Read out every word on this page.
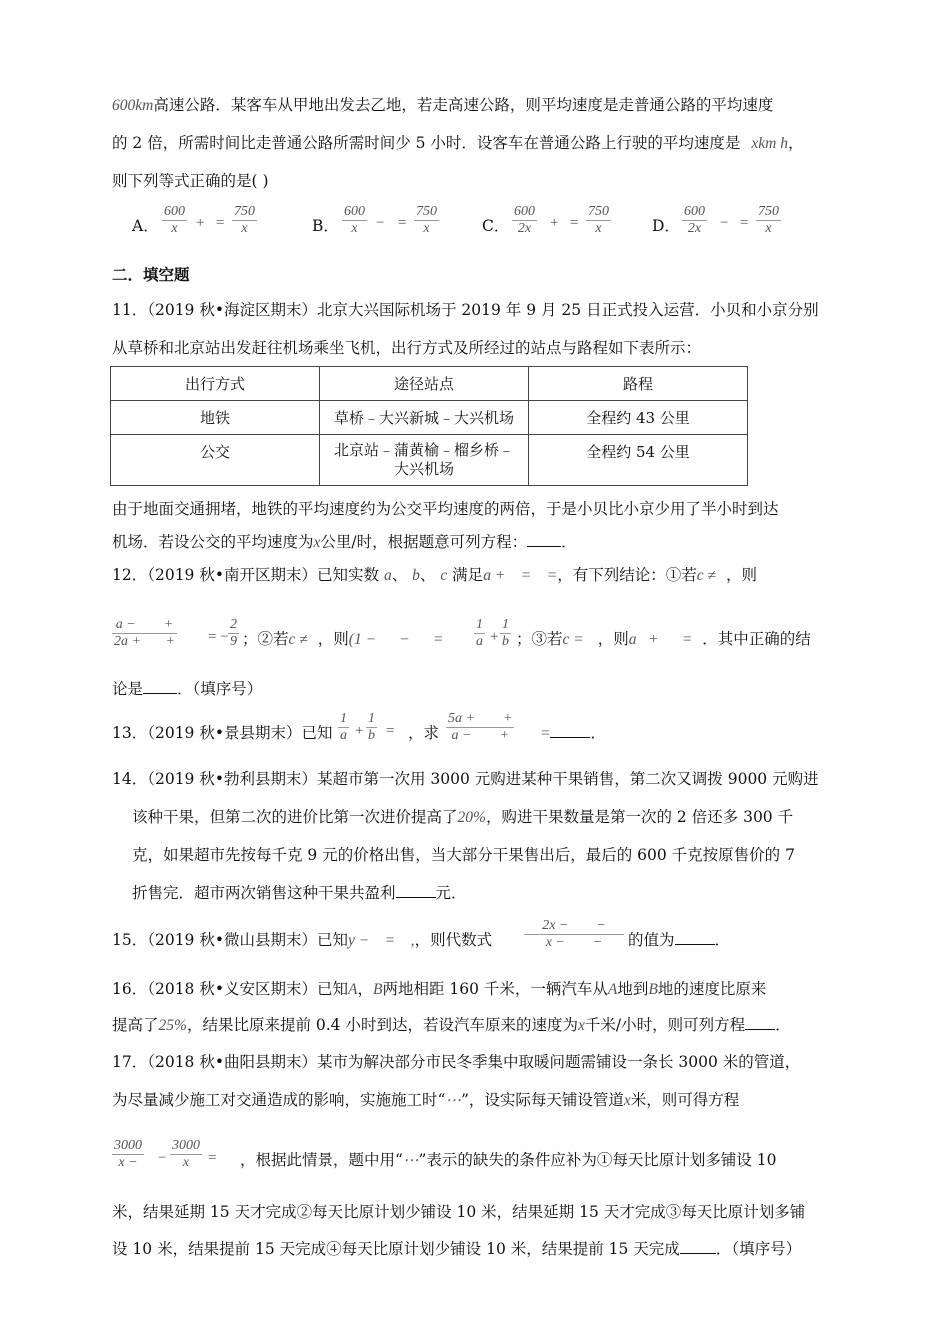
600km高速公路．某客车从甲地出发去乙地，若走高速公路，则平均速度是走普通公路的平均速度
的 2 倍，所需时间比走普通公路所需时间少 5 小时．设客车在普通公路上行驶的平均速度是 xkm h，
则下列等式正确的是( )
A． $\frac{600}{x}$ + = $\frac{750}{x}$	B． $\frac{600}{x}$ − = $\frac{750}{x}$	C． $\frac{600}{2x}$ + = $\frac{750}{x}$	D． $\frac{600}{2x}$ − = $\frac{750}{x}$
二．填空题
11．（2019 秋•海淀区期末）北京大兴国际机场于 2019 年 9 月 25 日正式投入运营．小贝和小京分别
从草桥和北京站出发赶往机场乘坐飞机，出行方式及所经过的站点与路程如下表所示：
出行方式	途径站点	路程
地铁	草桥﹣大兴新城﹣大兴机场	全程约 43 公里
公交	北京站﹣蒲黄榆﹣榴乡桥﹣大兴机场	全程约 54 公里
由于地面交通拥堵，地铁的平均速度约为公交平均速度的两倍，于是小贝比小京少用了半小时到达
机场．若设公交的平均速度为x公里/时，根据题意可列方程： ．
12．（2019 秋•南开区期末）已知实数 a、 b、 c 满足a +    =    =，有下列结论：①若c ≠ ，则
$\frac{a - +}{2a + +}$ = − $\frac{2}{9}$ ；②若c ≠ ，则(1 −      −      = $\frac{1}{a} + \frac{1}{b}$ ；③若c = ，则a   +      = ．其中正确的结
论是 ．（填序号）
13．（2019 秋•景县期末）已知 $\frac{1}{a} + \frac{1}{b}$ = ，求 $\frac{5a + +}{a - +}$ =	．
14．（2019 秋•勃利县期末）某超市第一次用 3000 元购进某种干果销售，第二次又调拨 9000 元购进
该种干果，但第二次的进价比第一次进价提高了20%，购进干果数量是第一次的 2 倍还多 300 千
克，如果超市先按每千克 9 元的价格出售，当大部分干果售出后，最后的 600 千克按原售价的 7
折售完．超市两次销售这种干果共盈利	元．
15．（2019 秋•微山县期末）已知y −    =    ,，则代数式 $\frac{2x - -}{x - -}$ 的值为	．
16．（2018 秋•义安区期末）已知A，B两地相距 160 千米，一辆汽车从A地到B地的速度比原来
提高了25%，结果比原来提前 0.4 小时到达，若设汽车原来的速度为x千米/小时，则可列方程 ．
17．（2018 秋•曲阳县期末）某市为解决部分市民冬季集中取暖问题需铺设一条长 3000 米的管道，
为尽量减少施工对交通造成的影响，实施施工时“⋯”，设实际每天铺设管道x米，则可得方程
$\frac{3000}{x -} - \frac{3000}{x}$ = ，根据此情景，题中用“⋯”表示的缺失的条件应补为①每天比原计划多铺设 10
米，结果延期 15 天才完成②每天比原计划少铺设 10 米，结果延期 15 天才完成③每天比原计划多铺
设 10 米，结果提前 15 天完成④每天比原计划少铺设 10 米，结果提前 15 天完成 ．（填序号）
